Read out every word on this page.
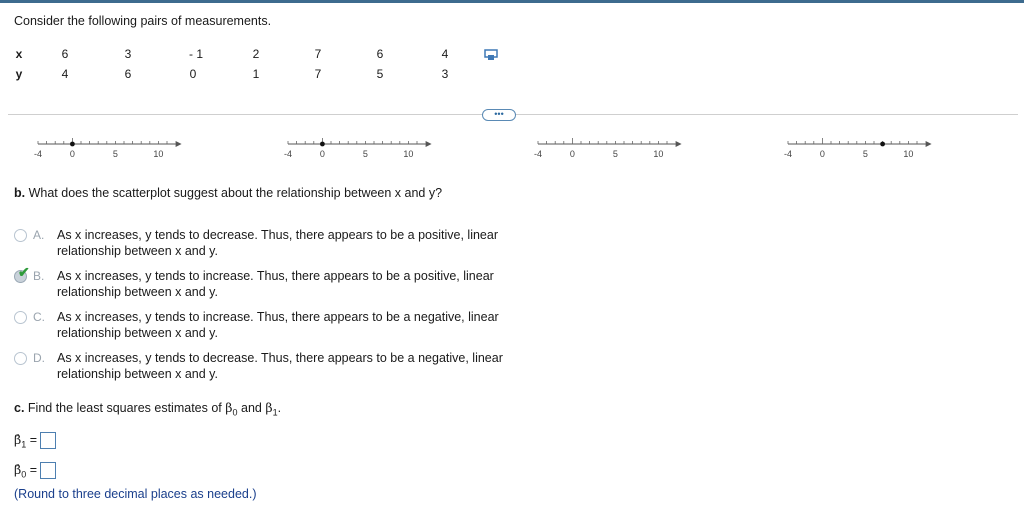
Consider the following pairs of measurements.
x
y
6	3	- 1	2	7	6	4
4	6	0	1	7	5	3
•••
-4	0	5	10	-4	0	5	10	-4	0	5	10	-4	0	5	10
b. What does the scatterplot suggest about the relationship between x and y?
A. As x increases, y tends to decrease. Thus, there appears to be a positive, linear
relationship between x and y.
✔ B. As x increases, y tends to increase. Thus, there appears to be a positive, linear
relationship between x and y.
C. As x increases, y tends to increase. Thus, there appears to be a negative, linear
relationship between x and y.
D. As x increases, y tends to decrease. Thus, there appears to be a negative, linear
relationship between x and y.
c. Find the least squares estimates of $\beta_0$ and $\beta_1$.
$\betâ_1$ =
$\betâ_0$ =
(Round to three decimal places as needed.)
